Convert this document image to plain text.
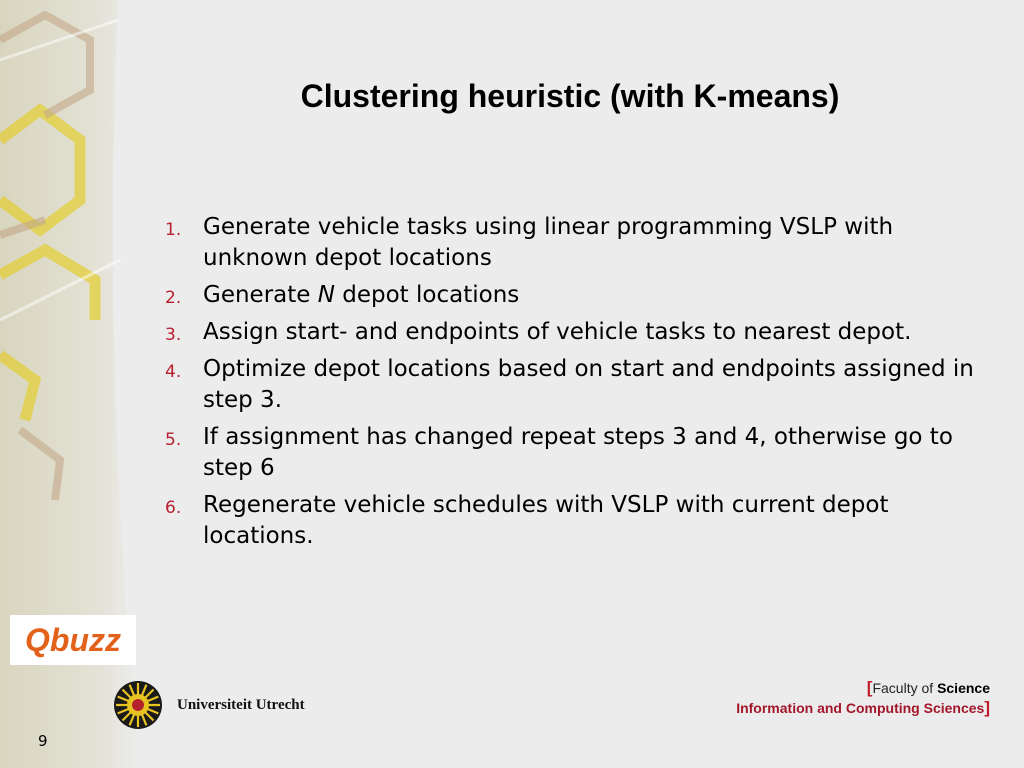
Clustering heuristic (with K-means)
1. Generate vehicle tasks using linear programming VSLP with unknown depot locations
2. Generate N depot locations
3. Assign start- and endpoints of vehicle tasks to nearest depot.
4. Optimize depot locations based on start and endpoints assigned in step 3.
5. If assignment has changed repeat steps 3 and 4, otherwise go to step 6
6. Regenerate vehicle schedules with VSLP with current depot locations.
Qbuzz
Universiteit Utrecht
[Faculty of Science
Information and Computing Sciences]
9
